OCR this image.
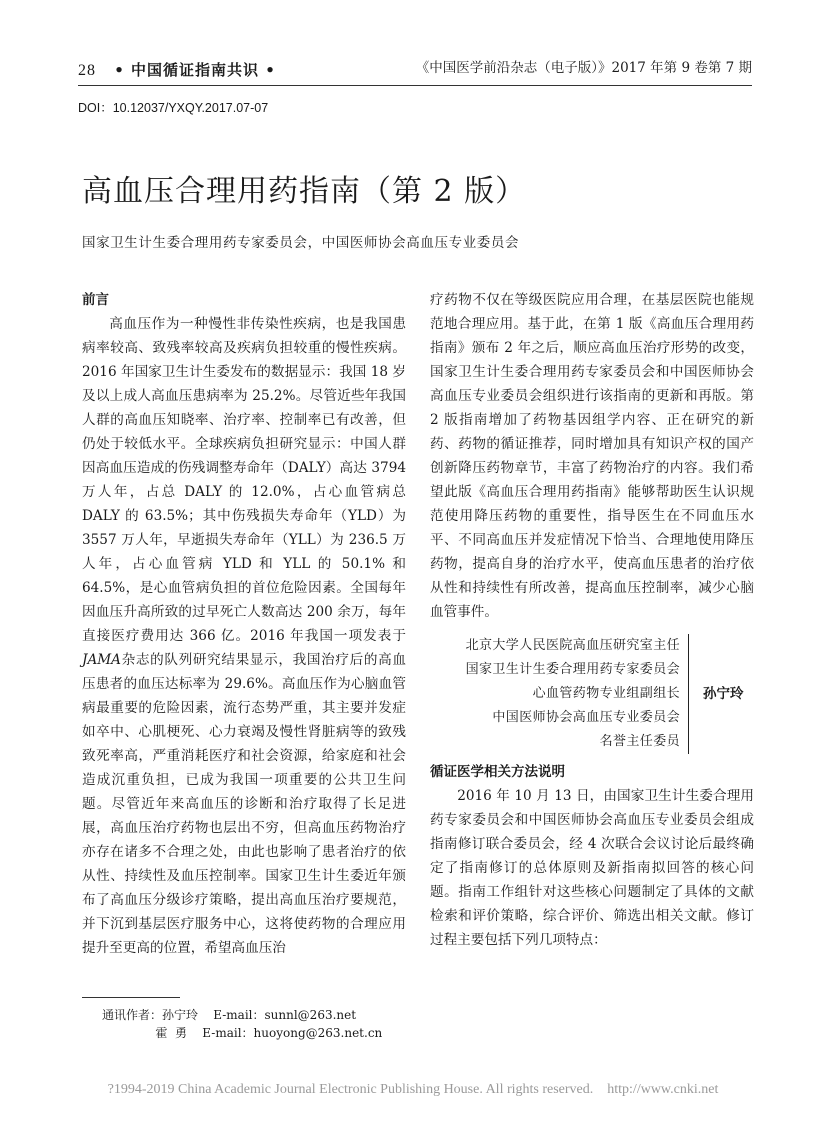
28 • 中国循证指南共识 •	《中国医学前沿杂志（电子版）》2017 年第 9 卷第 7 期
DOI：10.12037/YXQY.2017.07-07
高血压合理用药指南（第 2 版）
国家卫生计生委合理用药专家委员会，中国医师协会高血压专业委员会
前言

高血压作为一种慢性非传染性疾病，也是我国患病率较高、致残率较高及疾病负担较重的慢性疾病。2016 年国家卫生计生委发布的数据显示：我国 18 岁及以上成人高血压患病率为 25.2%。尽管近些年我国人群的高血压知晓率、治疗率、控制率已有改善，但仍处于较低水平。全球疾病负担研究显示：中国人群因高血压造成的伤残调整寿命年（DALY）高达 3794 万人年，占总 DALY 的 12.0%，占心血管病总 DALY 的 63.5%；其中伤残损失寿命年（YLD）为 3557 万人年，早逝损失寿命年（YLL）为 236.5 万人年，占心血管病 YLD 和 YLL 的 50.1% 和 64.5%，是心血管病负担的首位危险因素。全国每年因血压升高所致的过早死亡人数高达 200 余万，每年直接医疗费用达 366 亿。2016 年我国一项发表于JAMA杂志的队列研究结果显示，我国治疗后的高血压患者的血压达标率为 29.6%。高血压作为心脑血管病最重要的危险因素，流行态势严重，其主要并发症如卒中、心肌梗死、心力衰竭及慢性肾脏病等的致残致死率高，严重消耗医疗和社会资源，给家庭和社会造成沉重负担，已成为我国一项重要的公共卫生问题。尽管近年来高血压的诊断和治疗取得了长足进展，高血压治疗药物也层出不穷，但高血压药物治疗亦存在诸多不合理之处，由此也影响了患者治疗的依从性、持续性及血压控制率。国家卫生计生委近年颁布了高血压分级诊疗策略，提出高血压治疗要规范，并下沉到基层医疗服务中心，这将使药物的合理应用提升至更高的位置，希望高血压治

疗药物不仅在等级医院应用合理，在基层医院也能规范地合理应用。基于此，在第 1 版《高血压合理用药指南》颁布 2 年之后，顺应高血压治疗形势的改变，国家卫生计生委合理用药专家委员会和中国医师协会高血压专业委员会组织进行该指南的更新和再版。第 2 版指南增加了药物基因组学内容、正在研究的新药、药物的循证推荐，同时增加具有知识产权的国产创新降压药物章节，丰富了药物治疗的内容。我们希望此版《高血压合理用药指南》能够帮助医生认识规范使用降压药物的重要性，指导医生在不同血压水平、不同高血压并发症情况下恰当、合理地使用降压药物，提高自身的治疗水平，使高血压患者的治疗依从性和持续性有所改善，提高血压控制率，减少心脑血管事件。

北京大学人民医院高血压研究室主任
国家卫生计生委合理用药专家委员会
心血管药物专业组副组长
中国医师协会高血压专业委员会
名誉主任委员
孙宁玲
循证医学相关方法说明

2016 年 10 月 13 日，由国家卫生计生委合理用药专家委员会和中国医师协会高血压专业委员会组成指南修订联合委员会，经 4 次联合会议讨论后最终确定了指南修订的总体原则及新指南拟回答的核心问题。指南工作组针对这些核心问题制定了具体的文献检索和评价策略，综合评价、筛选出相关文献。修订过程主要包括下列几项特点：

通讯作者：孙宁玲    E-mail：sunnl@263.net
霍  勇    E-mail：huoyong@263.net.cn
?1994-2019 China Academic Journal Electronic Publishing House. All rights reserved.    http://www.cnki.net
